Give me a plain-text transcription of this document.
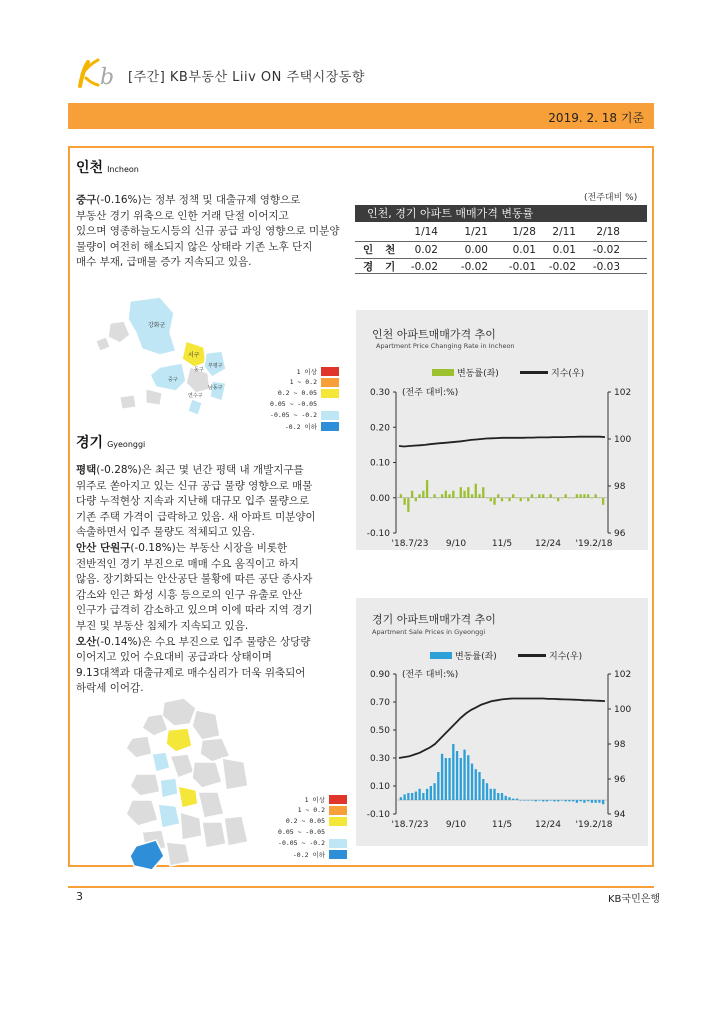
b [주간] KB부동산 Liiv ON 주택시장동향
2019. 2. 18 기준
인천 Incheon
중구(-0.16%)는 정부 정책 및 대출규제 영향으로
부동산 경기 위축으로 인한 거래 단절 이어지고
있으며 영종하늘도시등의 신규 공급 과잉 영향으로 미분양
물량이 여전히 해소되지 않은 상태라 기존 노후 단지
매수 부재, 급매물 증가 지속되고 있음.
강화군
서구
동구
중구
부평구
남동구
연수구
1 이상
1 ~ 0.2
0.2 ~ 0.05
0.05 ~ -0.05
-0.05 ~ -0.2
-0.2 이하
경기 Gyeonggi
평택(-0.28%)은 최근 몇 년간 평택 내 개발지구를
위주로 쏟아지고 있는 신규 공급 물량 영향으로 매물
다량 누적현상 지속과 지난해 대규모 입주 물량으로
기존 주택 가격이 급락하고 있음. 새 아파트 미분양이
속출하면서 입주 물량도 적체되고 있음.
안산 단원구(-0.18%)는 부동산 시장을 비롯한
전반적인 경기 부진으로 매매 수요 움직이고 하지
않음. 장기화되는 안산공단 불황에 따른 공단 종사자
감소와 인근 화성 시흥 등으로의 인구 유출로 안산
인구가 급격히 감소하고 있으며 이에 따라 지역 경기
부진 및 부동산 침체가 지속되고 있음.
오산(-0.14%)은 수요 부진으로 입주 물량은 상당량
이어지고 있어 수요대비 공급과다 상태이며
9.13대책과 대출규제로 매수심리가 더욱 위축되어
하락세 이어감.
1 이상
1 ~ 0.2
0.2 ~ 0.05
0.05 ~ -0.05
-0.05 ~ -0.2
-0.2 이하
(전주대비 %)
인천, 경기 아파트 매매가격 변동률
1/14	1/21 1/28 2/11 2/18
인천 0.02	0.00 0.01 0.01 -0.02
경기 -0.02 -0.02 -0.01 -0.02 -0.03
인천 아파트매매가격 추이
Apartment Price Changing Rate in Incheon
변동률(좌)	지수(우)
0.30
0.20
0.10
0.00
-0.10
102
100
98
96
(전주 대비:%)
'18.7/23 9/10	11/5	12/24 '19.2/18
경기 아파트매매가격 추이
Apartment Sale Prices in Gyeonggi
변동률(좌)	지수(우)
0.90
0.70
0.50
0.30
0.10
-0.10
102
100
98
96
94
(전주 대비:%)
'18.7/23 9/10	11/5	12/24 '19.2/18
3	KB국민은행
